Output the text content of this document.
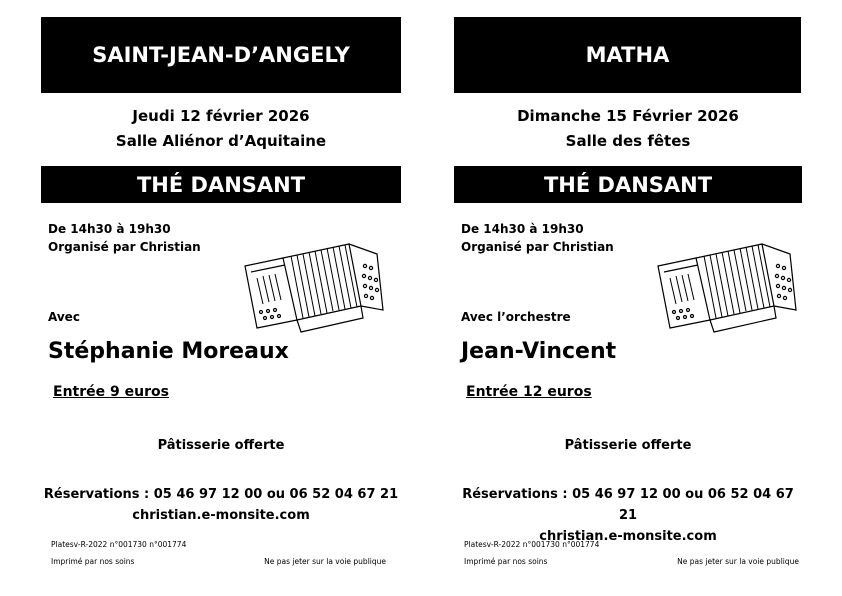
SAINT-JEAN-D’ANGELY
Jeudi 12 février 2026
Salle Aliénor d’Aquitaine
THÉ DANSANT
De 14h30 à 19h30
Organisé par Christian
Avec
Stéphanie Moreaux
Entrée 9 euros
Pâtisserie offerte
Réservations : 05 46 97 12 00 ou 06 52 04 67 21
christian.e-monsite.com
Platesv-R-2022 n°001730 n°001774
Imprimé par nos soins	Ne pas jeter sur la voie publique
MATHA
Dimanche 15 Février 2026
Salle des fêtes
THÉ DANSANT
De 14h30 à 19h30
Organisé par Christian
Avec l’orchestre
Jean-Vincent
Entrée 12 euros
Pâtisserie offerte
Réservations : 05 46 97 12 00 ou 06 52 04 67 21
christian.e-monsite.com
Platesv-R-2022 n°001730 n°001774
Imprimé par nos soins	Ne pas jeter sur la voie publique
